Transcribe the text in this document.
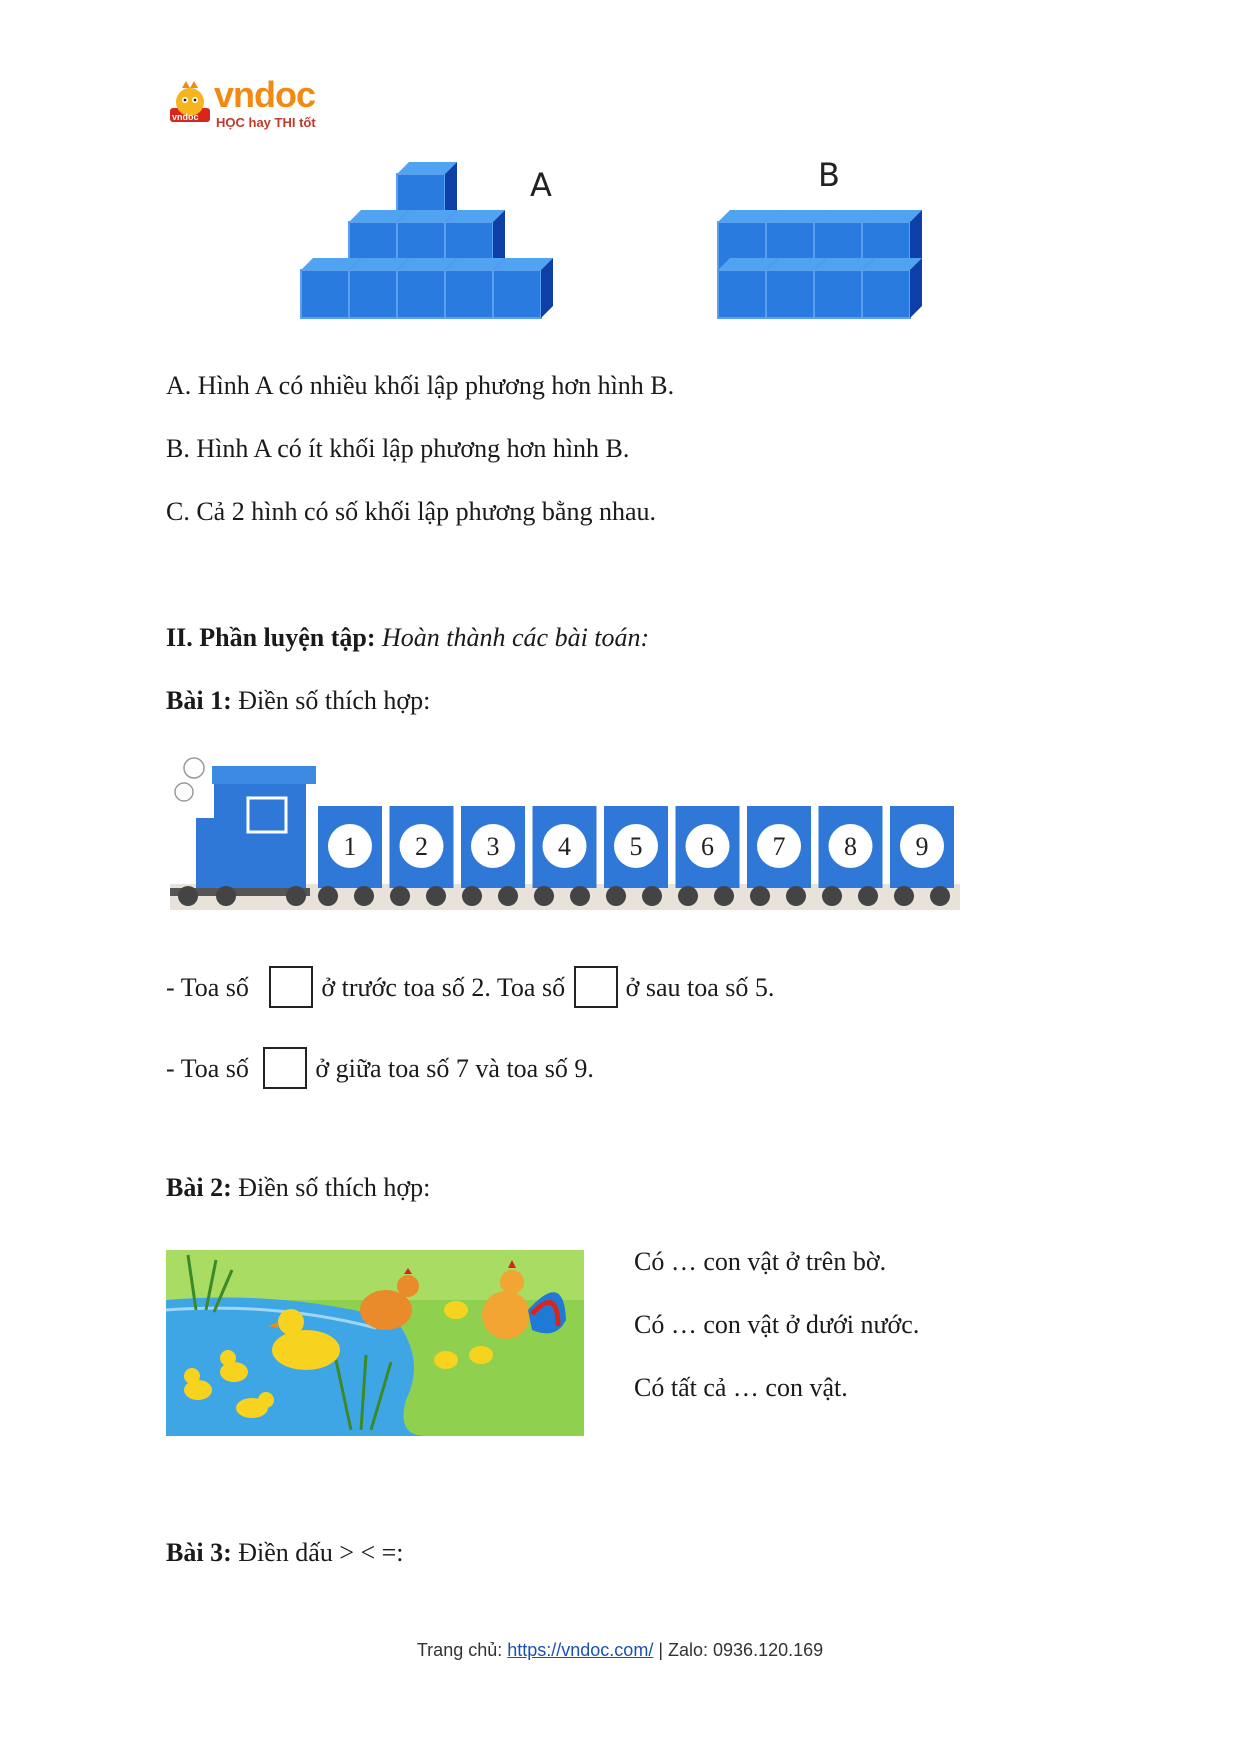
vndoc
vndoc
HỌC hay THI tốt
A	B
A. Hình A có nhiều khối lập phương hơn hình B.
B. Hình A có ít khối lập phương hơn hình B.
C. Cả 2 hình có số khối lập phương bằng nhau.
II. Phần luyện tập: Hoàn thành các bài toán:
Bài 1: Điền số thích hợp:
1 2 3 4 5 6 7 8 9
- Toa số	ở trước toa số 2. Toa số ở sau toa số 5.
- Toa số	ở giữa toa số 7 và toa số 9.
Bài 2: Điền số thích hợp:
Có … con vật ở trên bờ.
Có … con vật ở dưới nước.
Có tất cả … con vật.
Bài 3: Điền dấu > < =:
Trang chủ: https://vndoc.com/ | Zalo: 0936.120.169
